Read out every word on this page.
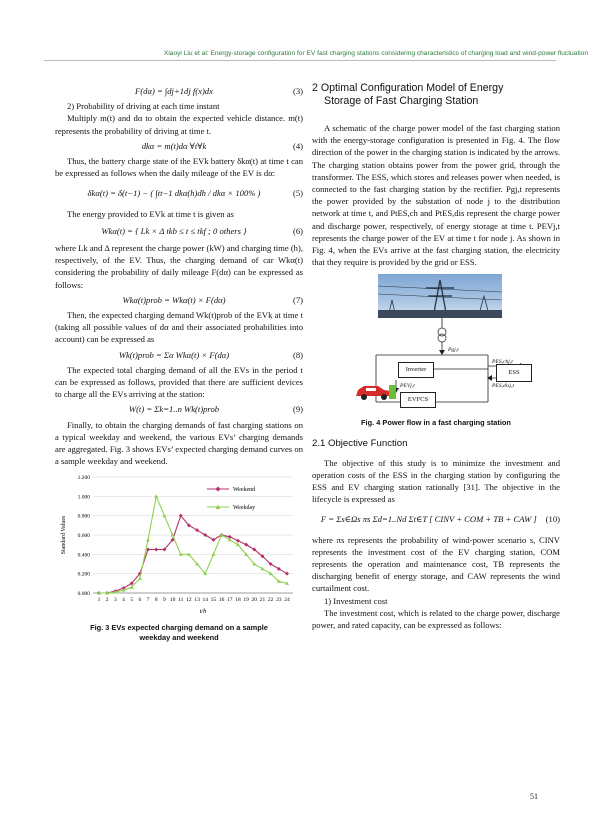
Xiaoyi Liu et al: Energy-storage configuration for EV fast charging stations considering characteristics of charging load and wind-power fluctuation
F(dα) = ∫dj+1dj f(x)dx	(3)

2) Probability of driving at each time instant

Multiply m(t) and dα to obtain the expected vehicle distance. m(t) represents the probability of driving at time t.

dkα = m(t)dα ∀t∀k	(4)

Thus, the battery charge state of the EVk battery δkα(t) at time t can be expressed as follows when the daily mileage of the EV is dα:

δkα(t) = δ(t−1) − ( ∫tt−1 dkα(h)dh / dkα × 100% )	(5)

The energy provided to EVk at time t is given as

Wkα(t) = { Lk × Δ tkb ≤ t ≤ tkf ; 0 others }	(6)

where Lk and Δ represent the charge power (kW) and charging time (h), respectively, of the EV. Thus, the charging demand of car Wkα(t) considering the probability of daily mileage F(dα) can be expressed as follows:

Wkα(t)prob = Wkα(t) × F(dα)	(7)

Then, the expected charging demand Wk(t)prob of the EVk at time t (taking all possible values of dα and their associated probabilities into account) can be expressed as

Wk(t)prob = Σα Wkα(t) × F(dα)	(8)

The expected total charging demand of all the EVs in the period t can be expressed as follows, provided that there are sufficient devices to charge all the EVs arriving at the station:

W(t) = Σk=1..n Wk(t)prob	(9)

Finally, to obtain the charging demands of fast charging stations on a typical weekday and weekend, the various EVs’ charging demands are aggregated. Fig. 3 shows EVs’ expected charging demand curves on a sample weekday and weekend.

0.000
0.200
0.400
0.600
0.800
1.000
1.200
1 2 3 4 5 6 7 8 9 10 11 12 13 14 15 16 17 18 19 20 21 22 23 24
t/h
Standard Values
Weekend
Weekday
Fig. 3 EVs expected charging demand on a sample
weekday and weekend
2 Optimal Configuration Model of Energy
Storage of Fast Charging Station

A schematic of the charge power model of the fast charging station with the energy-storage configuration is presented in Fig. 4. The flow direction of the power in the charging station is indicated by the arrows. The charging station obtains power from the power grid, through the transformer. The ESS, which stores and releases power when needed, is connected to the fast charging station by the rectifier. Pgj,t represents the power provided by the substation of node j to the distribution network at time t, and PtES,ch and PtES,dis represent the charge power and discharge power, respectively, of energy storage at time t. PEVj,t represents the charge power of the EV at time t for node j. As shown in Fig. 4, when the EVs arrive at the fast charging station, the electricity that they require is provided by the grid or ESS.

Inverter	ESS
EVFCS
Pgj,t
PES,chj,t
PES,disj,t
PEVj,t
Fig. 4 Power flow in a fast charging station
2.1 Objective Function

The objective of this study is to minimize the investment and operation costs of the ESS in the charging station by configuring the ESS and EV charging station rationally [31]. The objective in the lifecycle is expressed as

F = Σs∈Ωs πs Σd=1..Nd Σt∈T [ CINV + COM + TB + CAW ]	(10)

where πs represents the probability of wind-power scenario s, CINV represents the investment cost of the EV charging station, COM represents the operation and maintenance cost, TB represents the discharging benefit of energy storage, and CAW represents the wind curtailment cost.

1) Investment cost

The investment cost, which is related to the charge power, discharge power, and rated capacity, can be expressed as follows:

51
